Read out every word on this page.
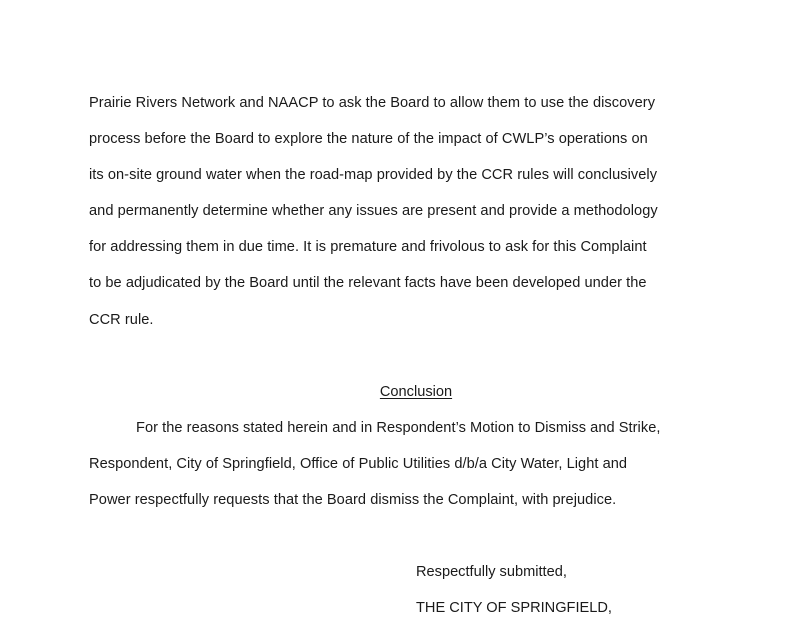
Prairie Rivers Network and NAACP to ask the Board to allow them to use the discovery
process before the Board to explore the nature of the impact of CWLP’s operations on
its on-site ground water when the road-map provided by the CCR rules will conclusively
and permanently determine whether any issues are present and provide a methodology
for addressing them in due time. It is premature and frivolous to ask for this Complaint
to be adjudicated by the Board until the relevant facts have been developed under the
CCR rule.
Conclusion
For the reasons stated herein and in Respondent’s Motion to Dismiss and Strike,
Respondent, City of Springfield, Office of Public Utilities d/b/a City Water, Light and
Power respectfully requests that the Board dismiss the Complaint, with prejudice.
Respectfully submitted,
THE CITY OF SPRINGFIELD,
